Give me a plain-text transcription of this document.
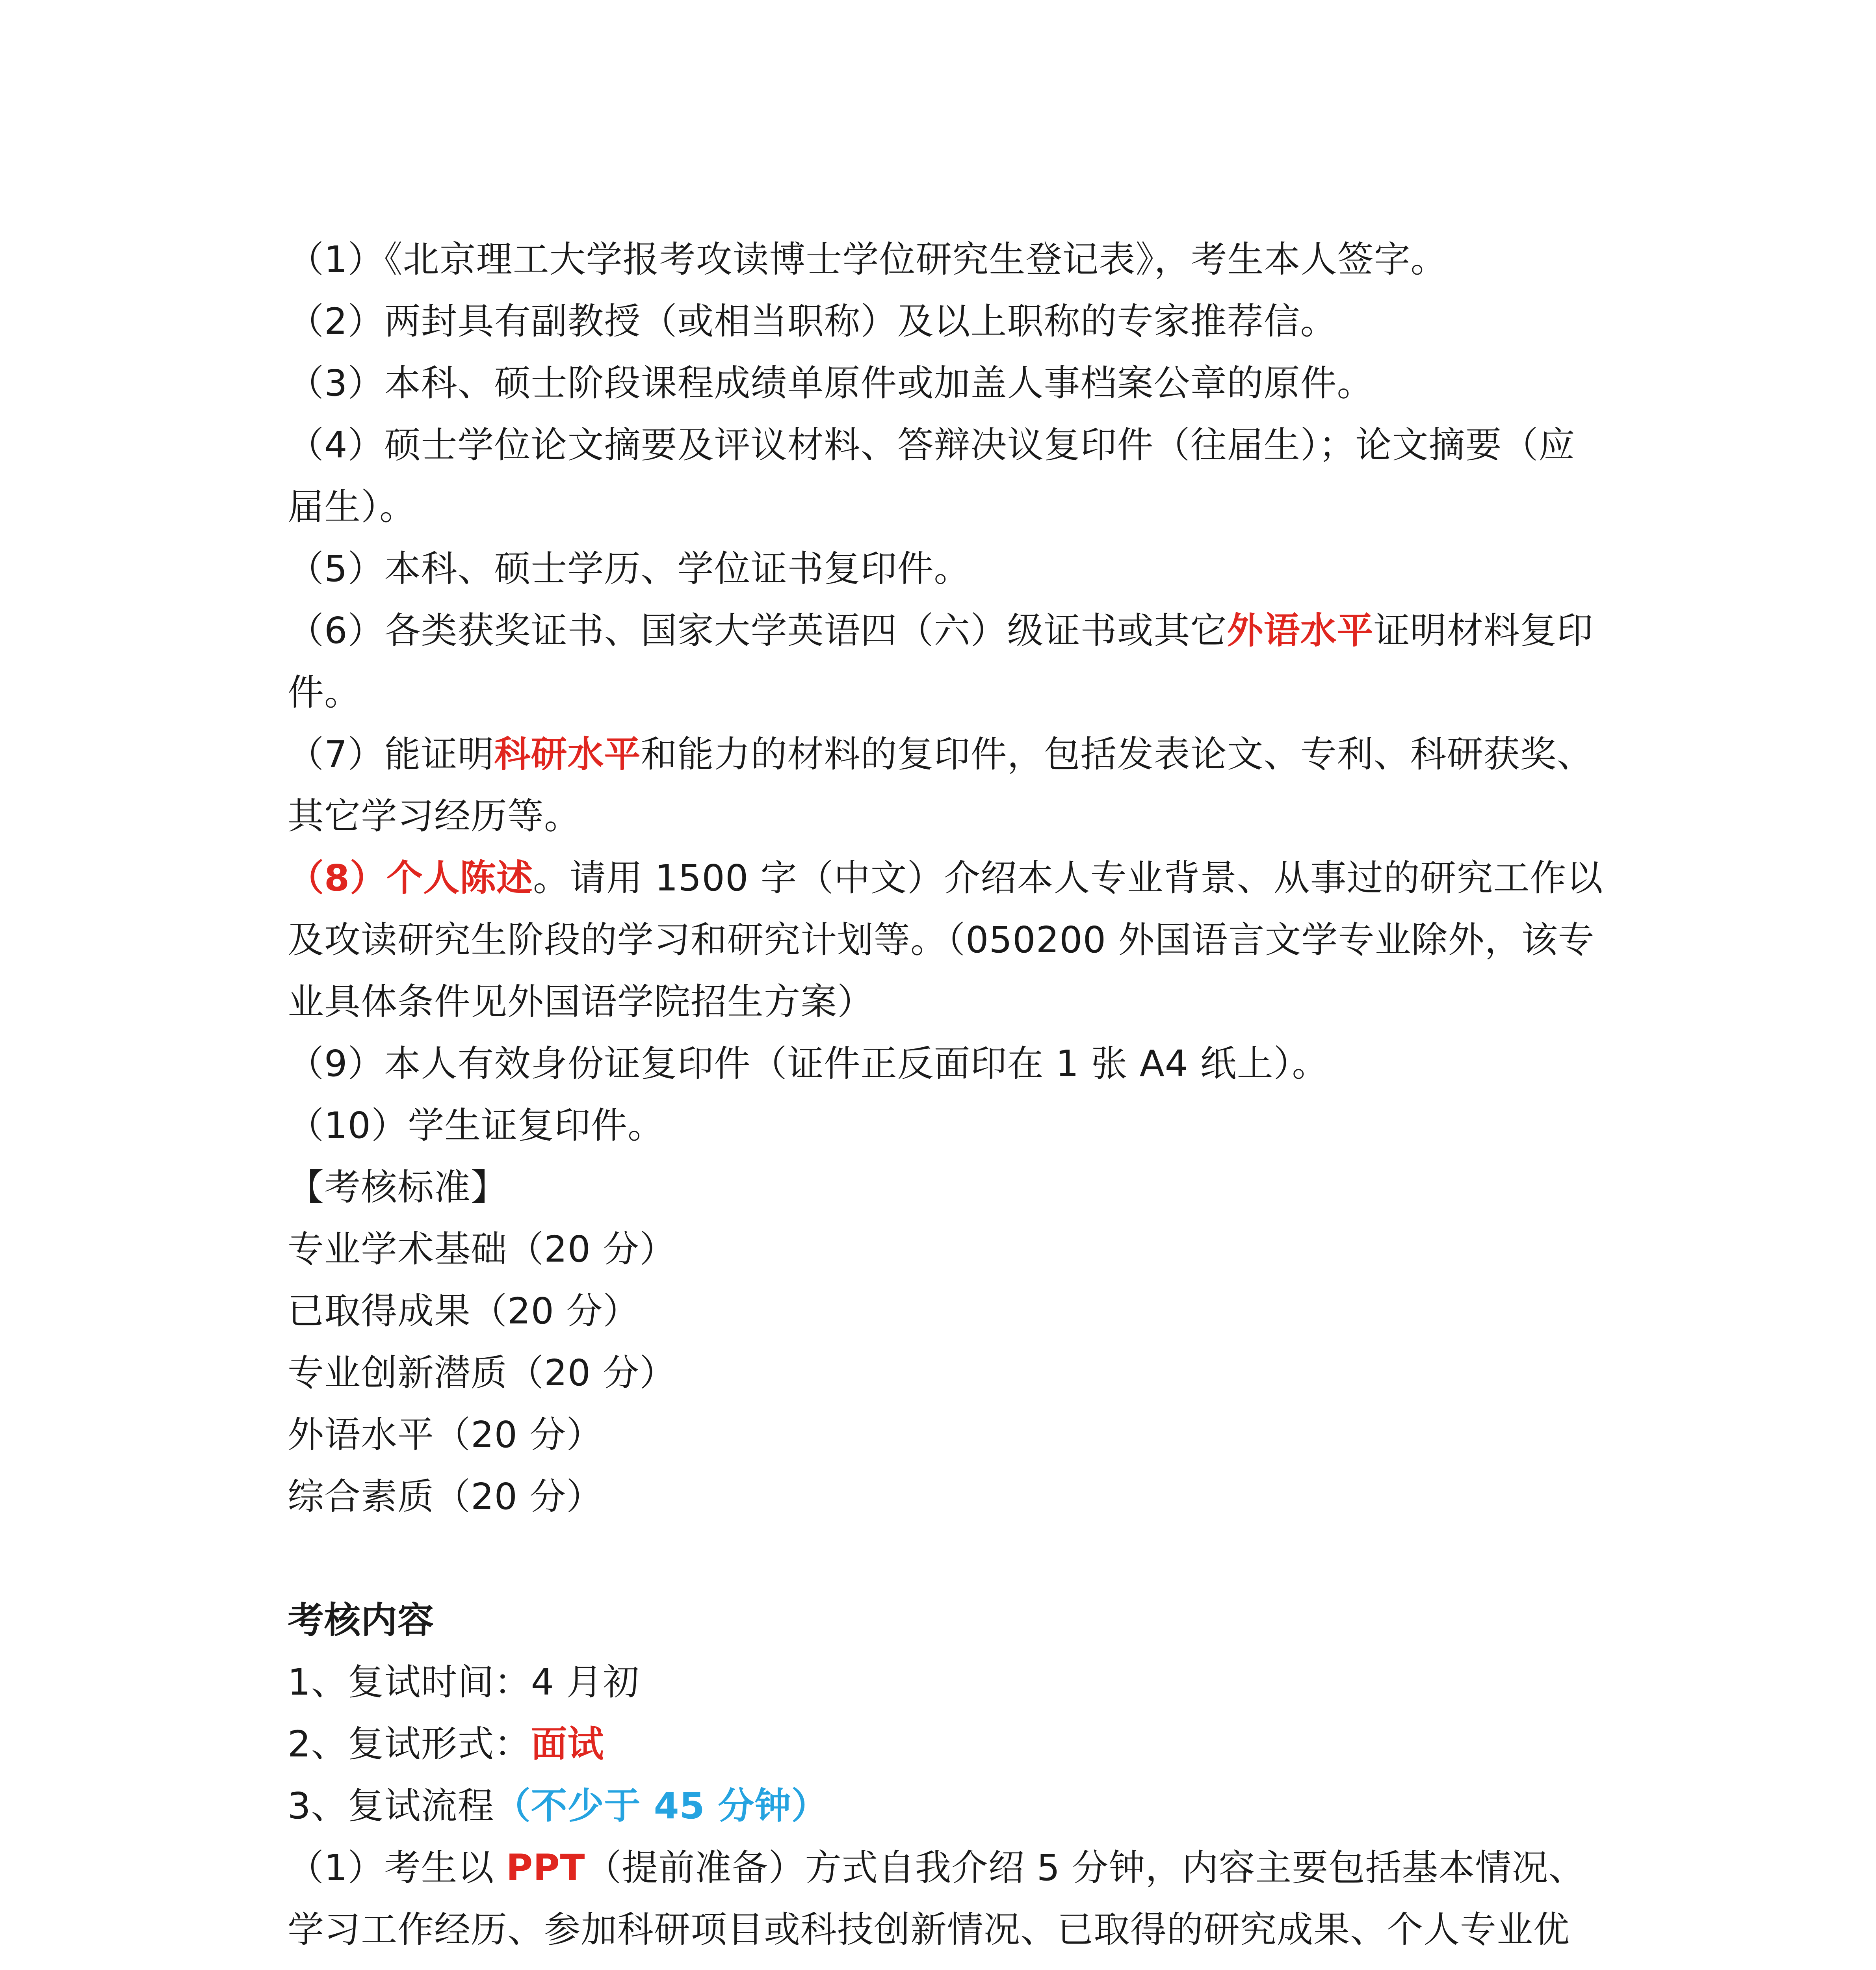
（1）《北京理工大学报考攻读博士学位研究生登记表》，考生本人签字。

（2）两封具有副教授（或相当职称）及以上职称的专家推荐信。

（3）本科、硕士阶段课程成绩单原件或加盖人事档案公章的原件。

（4）硕士学位论文摘要及评议材料、答辩决议复印件（往届生）；论文摘要（应届生）。

（5）本科、硕士学历、学位证书复印件。

（6）各类获奖证书、国家大学英语四（六）级证书或其它外语水平证明材料复印件。

（7）能证明科研水平和能力的材料的复印件，包括发表论文、专利、科研获奖、其它学习经历等。

（8）个人陈述。请用 1500 字（中文）介绍本人专业背景、从事过的研究工作以及攻读研究生阶段的学习和研究计划等。（050200 外国语言文学专业除外，该专业具体条件见外国语学院招生方案）

（9）本人有效身份证复印件（证件正反面印在 1 张 A4 纸上）。

（10）学生证复印件。

【考核标准】

专业学术基础（20 分）

已取得成果（20 分）

专业创新潜质（20 分）

外语水平（20 分）

综合素质（20 分）

考核内容

1、复试时间：4 月初

2、复试形式：面试

3、复试流程（不少于 45 分钟）

（1）考生以 PPT（提前准备）方式自我介绍 5 分钟，内容主要包括基本情况、学习工作经历、参加科研项目或科技创新情况、已取得的研究成果、个人专业优
